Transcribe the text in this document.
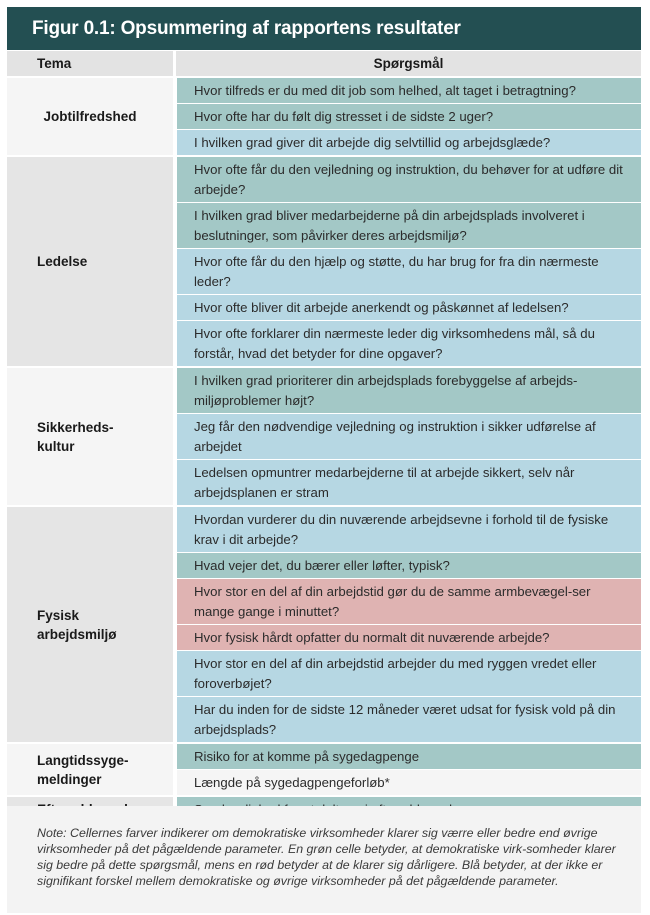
Figur 0.1: Opsummering af rapportens resultater
Tema	Spørgsmål
Jobtilfredshed
Hvor tilfreds er du med dit job som helhed, alt taget i betragtning?
Hvor ofte har du følt dig stresset i de sidste 2 uger?
I hvilken grad giver dit arbejde dig selvtillid og arbejdsglæde?
Ledelse
Hvor ofte får du den vejledning og instruktion, du behøver for at udføre dit arbejde?
I hvilken grad bliver medarbejderne på din arbejdsplads involveret i beslutninger, som påvirker deres arbejdsmiljø?
Hvor ofte får du den hjælp og støtte, du har brug for fra din nærmeste leder?
Hvor ofte bliver dit arbejde anerkendt og påskønnet af ledelsen?
Hvor ofte forklarer din nærmeste leder dig virksomhedens mål, så du forstår, hvad det betyder for dine opgaver?
Sikkerheds-kultur
I hvilken grad prioriterer din arbejdsplads forebyggelse af arbejds-miljøproblemer højt?
Jeg får den nødvendige vejledning og instruktion i sikker udførelse af arbejdet
Ledelsen opmuntrer medarbejderne til at arbejde sikkert, selv når arbejdsplanen er stram
Fysisk arbejdsmiljø
Hvordan vurderer du din nuværende arbejdsevne i forhold til de fysiske krav i dit arbejde?
Hvad vejer det, du bærer eller løfter, typisk?
Hvor stor en del af din arbejdstid gør du de samme armbevægel-ser mange gange i minuttet?
Hvor fysisk hårdt opfatter du normalt dit nuværende arbejde?
Hvor stor en del af din arbejdstid arbejder du med ryggen vredet eller foroverbøjet?
Har du inden for de sidste 12 måneder været udsat for fysisk vold på din arbejdsplads?
Langtidssyge-meldinger
Risiko for at komme på sygedagpenge
Længde på sygedagpengeforløb*
Note: Cellernes farver indikerer om demokratiske virksomheder klarer sig værre eller bedre end øvrige virksomheder på det pågældende parameter. En grøn celle betyder, at demokratiske virk-somheder klarer sig bedre på dette spørgsmål, mens en rød betyder at de klarer sig dårligere. Blå betyder, at der ikke er signifikant forskel mellem demokratiske og øvrige virksomheder på det pågældende parameter.
